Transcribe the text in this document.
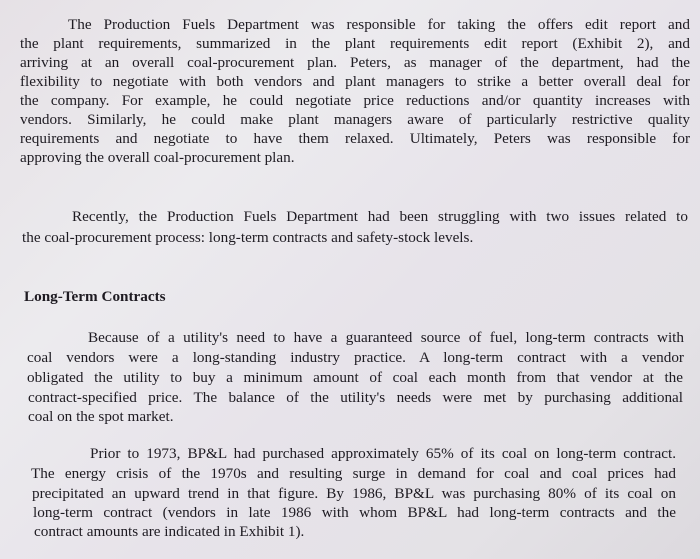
The Production Fuels Department was responsible for taking the offers edit report and
the plant requirements, summarized in the plant requirements edit report (Exhibit 2), and
arriving at an overall coal-procurement plan. Peters, as manager of the department, had the
flexibility to negotiate with both vendors and plant managers to strike a better overall deal for
the company. For example, he could negotiate price reductions and/or quantity increases with
vendors. Similarly, he could make plant managers aware of particularly restrictive quality
requirements and negotiate to have them relaxed. Ultimately, Peters was responsible for
approving the overall coal-procurement plan.
Recently, the Production Fuels Department had been struggling with two issues related to
the coal-procurement process: long-term contracts and safety-stock levels.
Long-Term Contracts
Because of a utility's need to have a guaranteed source of fuel, long-term contracts with
coal vendors were a long-standing industry practice. A long-term contract with a vendor
obligated the utility to buy a minimum amount of coal each month from that vendor at the
contract-specified price. The balance of the utility's needs were met by purchasing additional
coal on the spot market.
Prior to 1973, BP&L had purchased approximately 65% of its coal on long-term contract.
The energy crisis of the 1970s and resulting surge in demand for coal and coal prices had
precipitated an upward trend in that figure. By 1986, BP&L was purchasing 80% of its coal on
long-term contract (vendors in late 1986 with whom BP&L had long-term contracts and the
contract amounts are indicated in Exhibit 1).
